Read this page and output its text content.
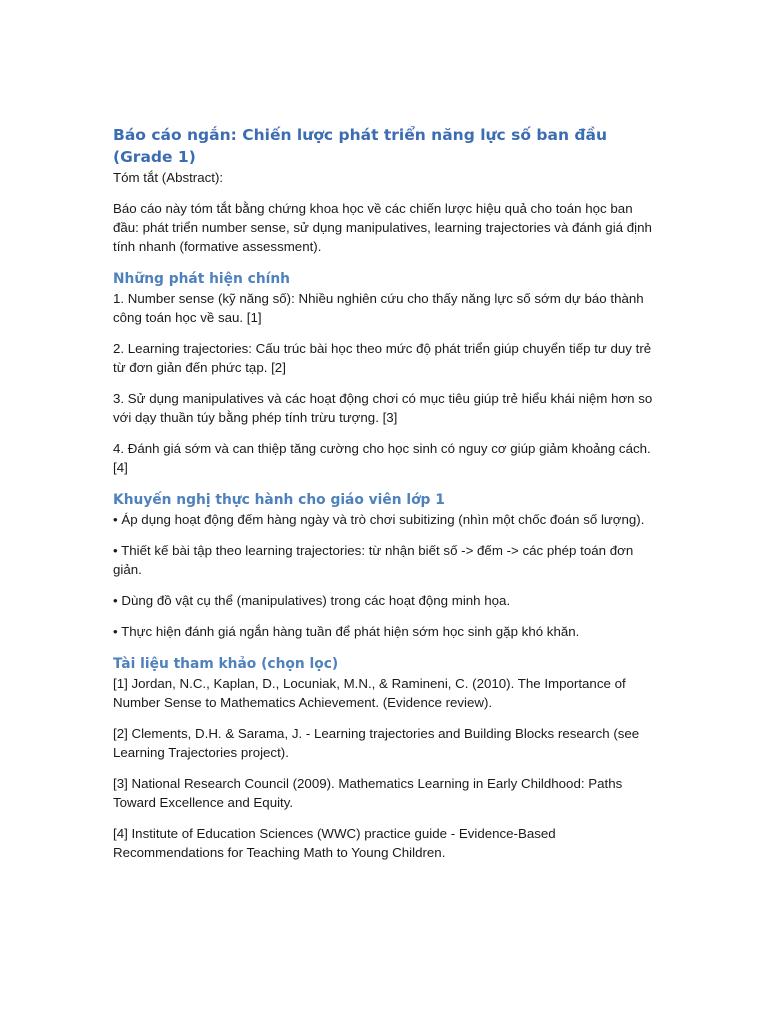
Báo cáo ngắn: Chiến lược phát triển năng lực số ban đầu (Grade 1)

Tóm tắt (Abstract):

Báo cáo này tóm tắt bằng chứng khoa học về các chiến lược hiệu quả cho toán học ban đầu: phát triển number sense, sử dụng manipulatives, learning trajectories và đánh giá định tính nhanh (formative assessment).

Những phát hiện chính

1. Number sense (kỹ năng số): Nhiều nghiên cứu cho thấy năng lực số sớm dự báo thành công toán học về sau. [1]

2. Learning trajectories: Cấu trúc bài học theo mức độ phát triển giúp chuyển tiếp tư duy trẻ từ đơn giản đến phức tạp. [2]

3. Sử dụng manipulatives và các hoạt động chơi có mục tiêu giúp trẻ hiểu khái niệm hơn so với dạy thuần túy bằng phép tính trừu tượng. [3]

4. Đánh giá sớm và can thiệp tăng cường cho học sinh có nguy cơ giúp giảm khoảng cách. [4]

Khuyến nghị thực hành cho giáo viên lớp 1

• Áp dụng hoạt động đếm hàng ngày và trò chơi subitizing (nhìn một chốc đoán số lượng).

• Thiết kế bài tập theo learning trajectories: từ nhận biết số -> đếm -> các phép toán đơn giản.

• Dùng đồ vật cụ thể (manipulatives) trong các hoạt động minh họa.

• Thực hiện đánh giá ngắn hàng tuần để phát hiện sớm học sinh gặp khó khăn.

Tài liệu tham khảo (chọn lọc)

[1] Jordan, N.C., Kaplan, D., Locuniak, M.N., & Ramineni, C. (2010). The Importance of Number Sense to Mathematics Achievement. (Evidence review).

[2] Clements, D.H. & Sarama, J. - Learning trajectories and Building Blocks research (see Learning Trajectories project).

[3] National Research Council (2009). Mathematics Learning in Early Childhood: Paths Toward Excellence and Equity.

[4] Institute of Education Sciences (WWC) practice guide - Evidence-Based Recommendations for Teaching Math to Young Children.
